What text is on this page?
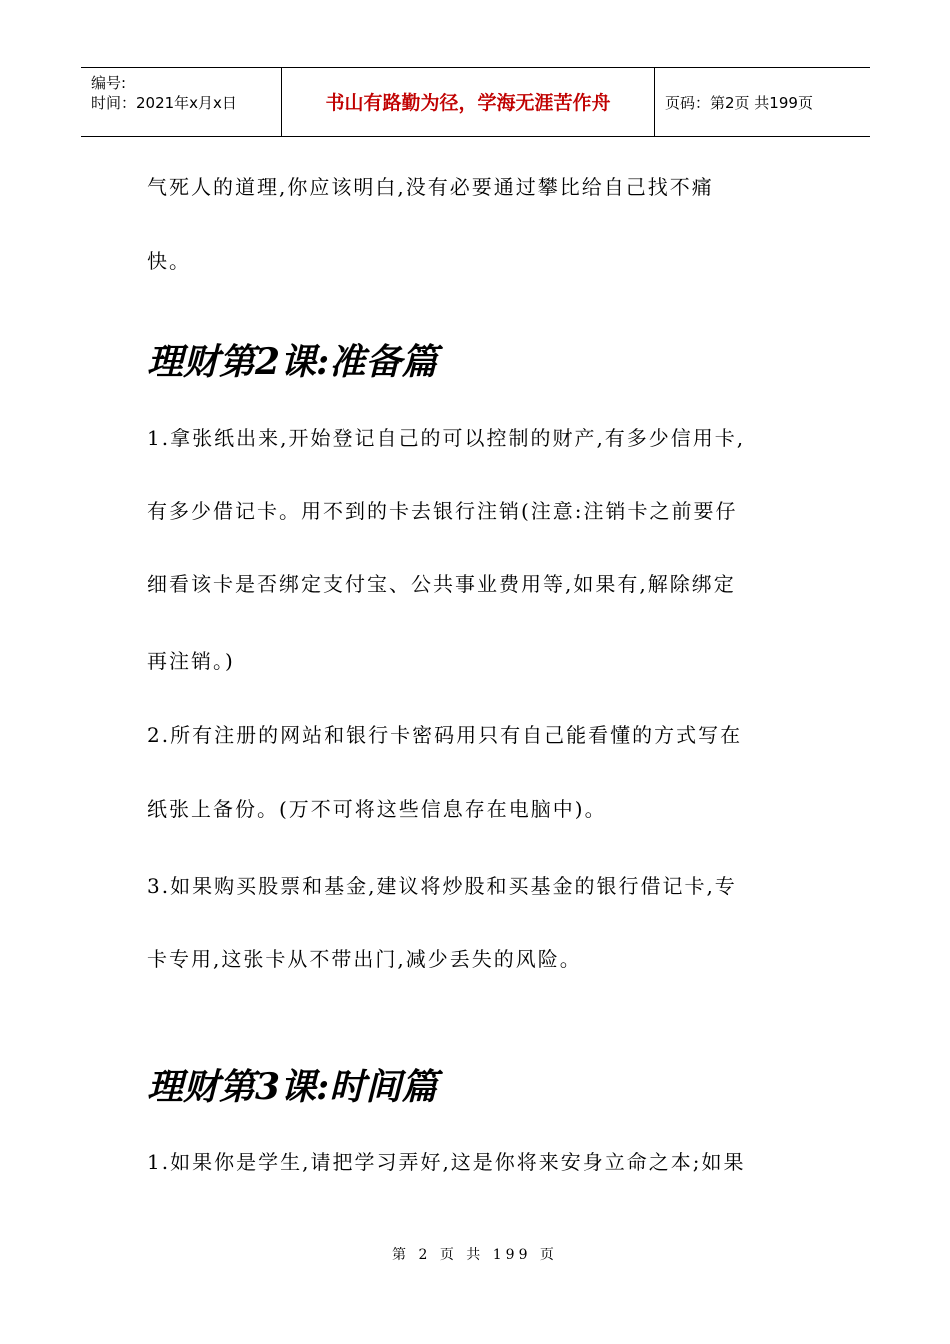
编号:
时间：2021年x月x日	书山有路勤为径，学海无涯苦作舟	页码：第2页 共199页
气死人的道理,你应该明白,没有必要通过攀比给自己找不痛
快。
理财第2课:准备篇
1.拿张纸出来,开始登记自己的可以控制的财产,有多少信用卡,
有多少借记卡。用不到的卡去银行注销(注意:注销卡之前要仔
细看该卡是否绑定支付宝、公共事业费用等,如果有,解除绑定
再注销。)
2.所有注册的网站和银行卡密码用只有自己能看懂的方式写在
纸张上备份。(万不可将这些信息存在电脑中)。
3.如果购买股票和基金,建议将炒股和买基金的银行借记卡,专
卡专用,这张卡从不带出门,减少丢失的风险。
理财第3课:时间篇
1.如果你是学生,请把学习弄好,这是你将来安身立命之本;如果
第 2 页 共 199 页
